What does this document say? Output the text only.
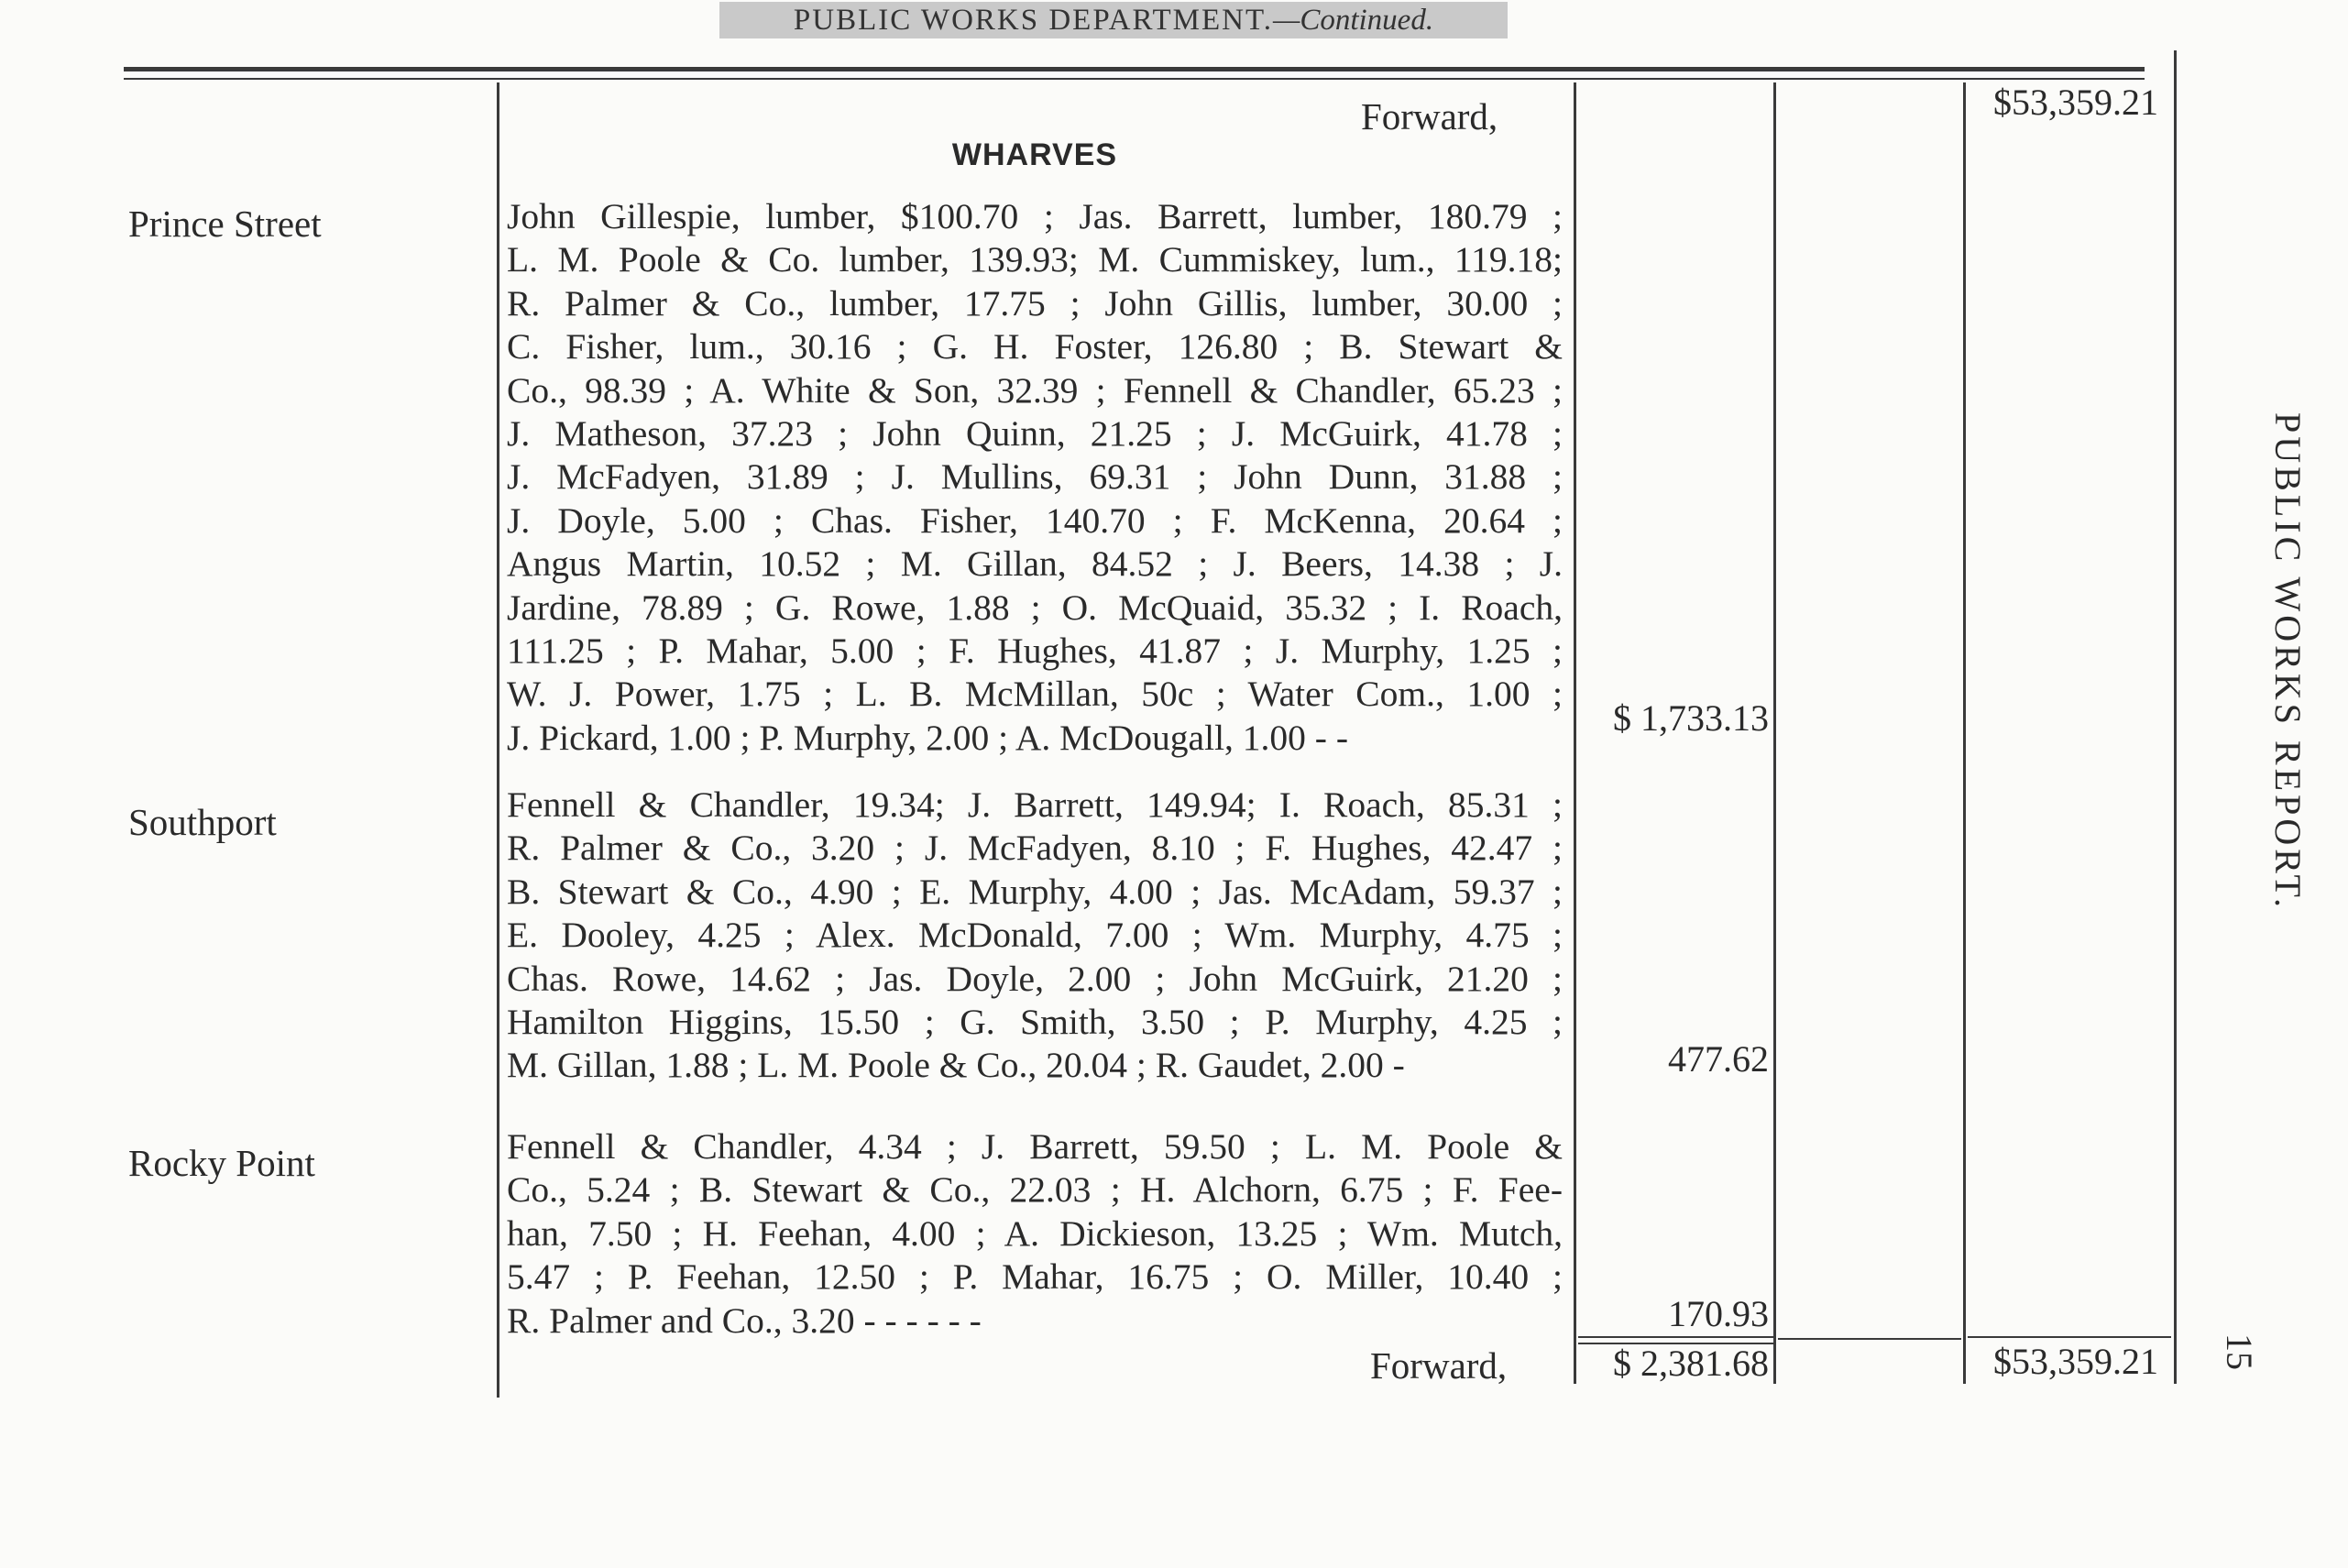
PUBLIC WORKS DEPARTMENT.—Continued.
Forward,	$53,359.21
WHARVES
Prince Street	John Gillespie, lumber, $100.70 ; Jas. Barrett, lumber, 180.79 ;
L. M. Poole & Co. lumber, 139.93; M. Cummiskey, lum., 119.18;
R. Palmer & Co., lumber, 17.75 ; John Gillis, lumber, 30.00 ;
C. Fisher, lum., 30.16 ; G. H. Foster, 126.80 ; B. Stewart &
Co., 98.39 ; A. White & Son, 32.39 ; Fennell & Chandler, 65.23 ;
J. Matheson, 37.23 ; John Quinn, 21.25 ; J. McGuirk, 41.78 ;
J. McFadyen, 31.89 ; J. Mullins, 69.31 ; John Dunn, 31.88 ;
J. Doyle, 5.00 ; Chas. Fisher, 140.70 ; F. McKenna, 20.64 ;
Angus Martin, 10.52 ; M. Gillan, 84.52 ; J. Beers, 14.38 ; J.
Jardine, 78.89 ; G. Rowe, 1.88 ; O. McQuaid, 35.32 ; I. Roach,
111.25 ; P. Mahar, 5.00 ; F. Hughes, 41.87 ; J. Murphy, 1.25 ;
W. J. Power, 1.75 ; L. B. McMillan, 50c ; Water Com., 1.00 ;
J. Pickard, 1.00 ; P. Murphy, 2.00 ; A. McDougall, 1.00 - -	$ 1,733.13
Southport	Fennell & Chandler, 19.34; J. Barrett, 149.94; I. Roach, 85.31 ;
R. Palmer & Co., 3.20 ; J. McFadyen, 8.10 ; F. Hughes, 42.47 ;
B. Stewart & Co., 4.90 ; E. Murphy, 4.00 ; Jas. McAdam, 59.37 ;
E. Dooley, 4.25 ; Alex. McDonald, 7.00 ; Wm. Murphy, 4.75 ;
Chas. Rowe, 14.62 ; Jas. Doyle, 2.00 ; John McGuirk, 21.20 ;
Hamilton Higgins, 15.50 ; G. Smith, 3.50 ; P. Murphy, 4.25 ;
M. Gillan, 1.88 ; L. M. Poole & Co., 20.04 ; R. Gaudet, 2.00 -	477.62
Rocky Point	Fennell & Chandler, 4.34 ; J. Barrett, 59.50 ; L. M. Poole &
Co., 5.24 ; B. Stewart & Co., 22.03 ; H. Alchorn, 6.75 ; F. Fee-
han, 7.50 ; H. Feehan, 4.00 ; A. Dickieson, 13.25 ; Wm. Mutch,
5.47 ; P. Feehan, 12.50 ; P. Mahar, 16.75 ; O. Miller, 10.40 ;
R. Palmer and Co., 3.20 - - - - - -	170.93
Forward,	$ 2,381.68	$53,359.21
PUBLIC WORKS REPORT.
15
